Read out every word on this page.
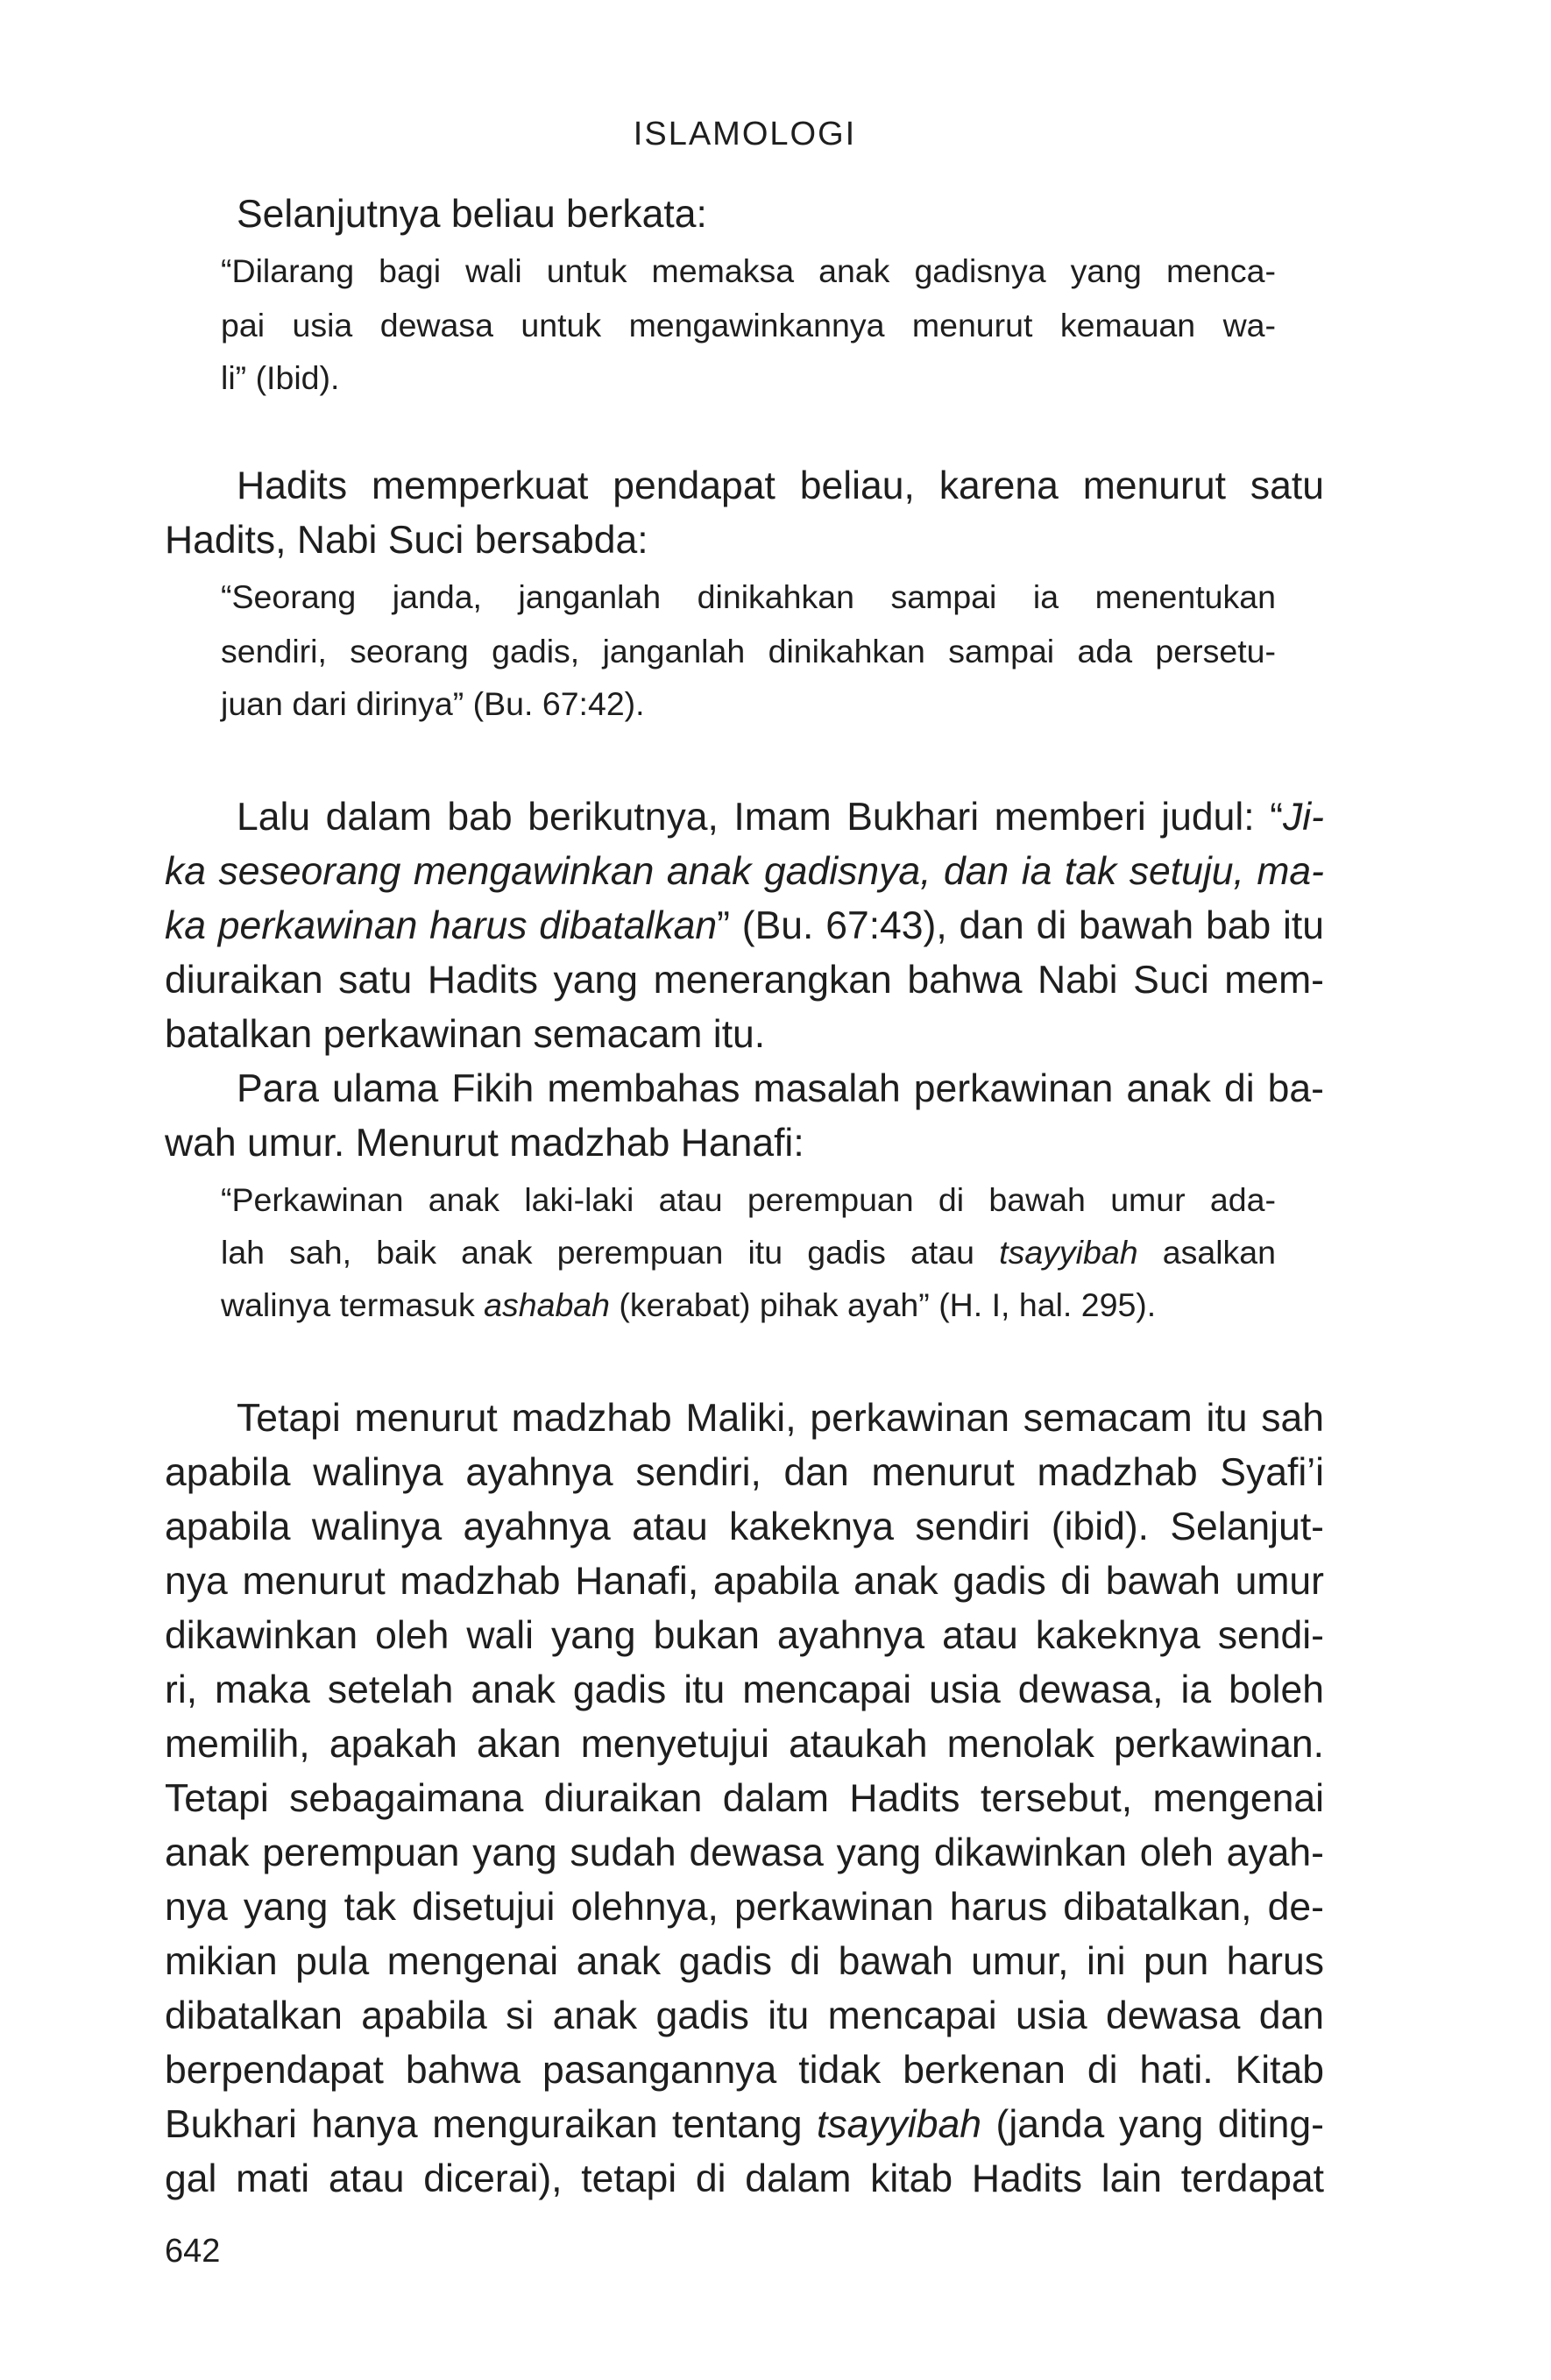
ISLAMOLOGI
Selanjutnya beliau berkata:
“Dilarang bagi wali untuk memaksa anak gadisnya yang menca-
pai usia dewasa untuk mengawinkannya menurut kemauan wa-
li” (Ibid).
Hadits memperkuat pendapat beliau, karena menurut satu
Hadits, Nabi Suci bersabda:
“Seorang janda, janganlah dinikahkan sampai ia menentukan
sendiri, seorang gadis, janganlah dinikahkan sampai ada persetu-
juan dari dirinya” (Bu. 67:42).
Lalu dalam bab berikutnya, Imam Bukhari memberi judul: “Ji-
ka seseorang mengawinkan anak gadisnya, dan ia tak setuju, ma-
ka perkawinan harus dibatalkan” (Bu. 67:43), dan di bawah bab itu
diuraikan satu Hadits yang menerangkan bahwa Nabi Suci mem-
batalkan perkawinan semacam itu.
Para ulama Fikih membahas masalah perkawinan anak di ba-
wah umur. Menurut madzhab Hanafi:
“Perkawinan anak laki-laki atau perempuan di bawah umur ada-
lah sah, baik anak perempuan itu gadis atau tsayyibah asalkan
walinya termasuk ashabah (kerabat) pihak ayah” (H. I, hal. 295).
Tetapi menurut madzhab Maliki, perkawinan semacam itu sah
apabila walinya ayahnya sendiri, dan menurut madzhab Syafi’i
apabila walinya ayahnya atau kakeknya sendiri (ibid). Selanjut-
nya menurut madzhab Hanafi, apabila anak gadis di bawah umur
dikawinkan oleh wali yang bukan ayahnya atau kakeknya sendi-
ri, maka setelah anak gadis itu mencapai usia dewasa, ia boleh
memilih, apakah akan menyetujui ataukah menolak perkawinan.
Tetapi sebagaimana diuraikan dalam Hadits tersebut, mengenai
anak perempuan yang sudah dewasa yang dikawinkan oleh ayah-
nya yang tak disetujui olehnya, perkawinan harus dibatalkan, de-
mikian pula mengenai anak gadis di bawah umur, ini pun harus
dibatalkan apabila si anak gadis itu mencapai usia dewasa dan
berpendapat bahwa pasangannya tidak berkenan di hati. Kitab
Bukhari hanya menguraikan tentang tsayyibah (janda yang diting-
gal mati atau dicerai), tetapi di dalam kitab Hadits lain terdapat
642
